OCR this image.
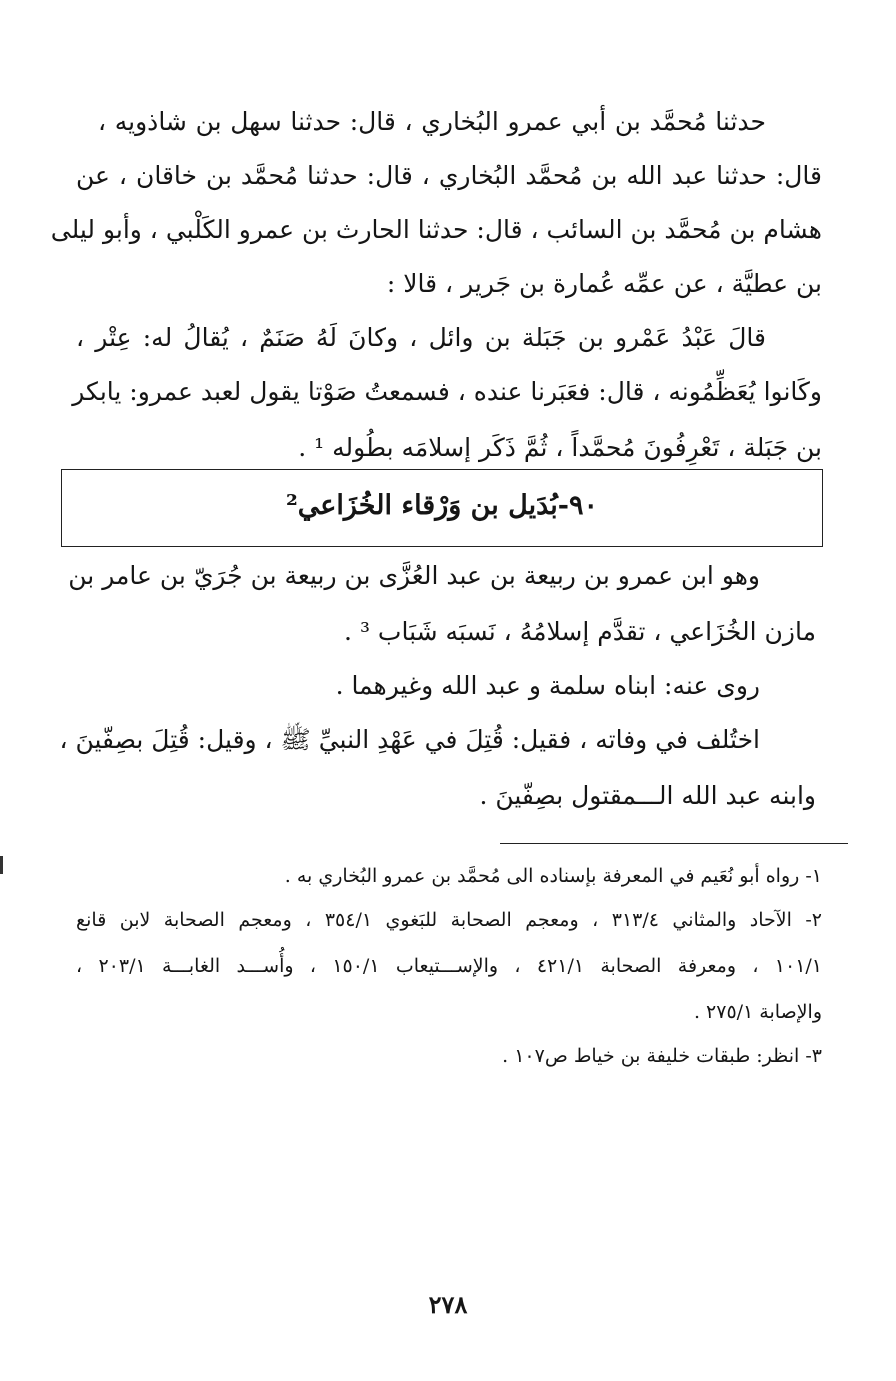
حدثنا مُحمَّد بن أبي عمرو البُخاري ، قال: حدثنا سهل بن شاذويه ،
قال: حدثنا عبد الله بن مُحمَّد البُخاري ، قال: حدثنا مُحمَّد بن خاقان ، عن
هشام بن مُحمَّد بن السائب ، قال: حدثنا الحارث بن عمرو الكَلْبي ، وأبو ليلى
بن عطيَّة ، عن عمِّه عُمارة بن جَرير ، قالا :
قالَ عَبْدُ عَمْرو بن جَبَلة بن وائل ، وكانَ لَهُ صَنَمٌ ، يُقالُ له: عِتْر ،
وكَانوا يُعَظِّمُونه ، قال: فعَبَرنا عنده ، فسمعتُ صَوْتا يقول لعبد عمرو: يابكر
بن جَبَلة ، تَعْرِفُونَ مُحمَّداً ، ثُمَّ ذَكَر إسلامَه بطُوله ¹ .
٩٠-بُدَيل بن وَرْقاء الخُزَاعي²
وهو ابن عمرو بن ربيعة بن عبد العُزَّى بن ربيعة بن جُرَيّ بن عامر بن
مازن الخُزَاعي ، تقدَّم إسلامُهُ ، نَسبَه شَبَاب ³ .
روى عنه: ابناه سلمة و عبد الله وغيرهما .
اختُلف في وفاته ، فقيل: قُتِلَ في عَهْدِ النبيِّ ﷺ ، وقيل: قُتِلَ بصِفّينَ ،
وابنه عبد الله الـــمقتول بصِفّينَ .
١- رواه أبو نُعَيم في المعرفة بإسناده الى مُحمَّد بن عمرو البُخاري به .
٢- الآحاد والمثاني ٣١٣/٤ ، ومعجم الصحابة للبَغوي ٣٥٤/١ ، ومعجم الصحابة لابن قانع
١٠١/١ ، ومعرفة الصحابة ٤٢١/١ ، والإســـتيعاب ١٥٠/١ ، وأُســـد الغابـــة ٢٠٣/١ ،
والإصابة ٢٧٥/١ .
٣- انظر: طبقات خليفة بن خياط ص١٠٧ .
٢٧٨
